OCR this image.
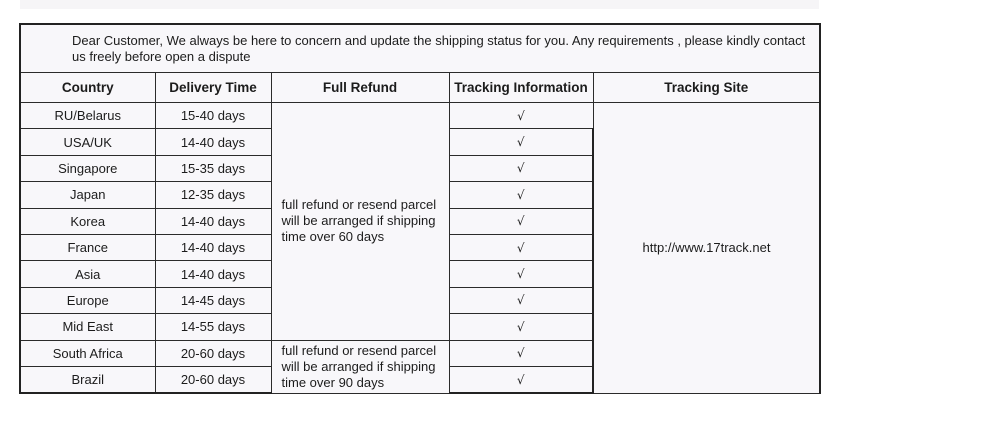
Dear Customer, We always be here to concern and update the shipping status for you. Any requirements , please kindly contact us freely before open a dispute				
Country	Delivery Time	Full Refund	Tracking Information	Tracking Site
RU/Belarus	15-40 days	full refund or resend parcel will be arranged if shipping time over 60 days	√	http://www.17track.net
USA/UK	14-40 days		√	
Singapore	15-35 days		√	
Japan	12-35 days		√	
Korea	14-40 days		√	
France	14-40 days		√	
Asia	14-40 days		√	
Europe	14-45 days		√	
Mid East	14-55 days		√	
South Africa	20-60 days	full refund or resend parcel will be arranged if shipping time over 90 days	√	
Brazil	20-60 days		√	
